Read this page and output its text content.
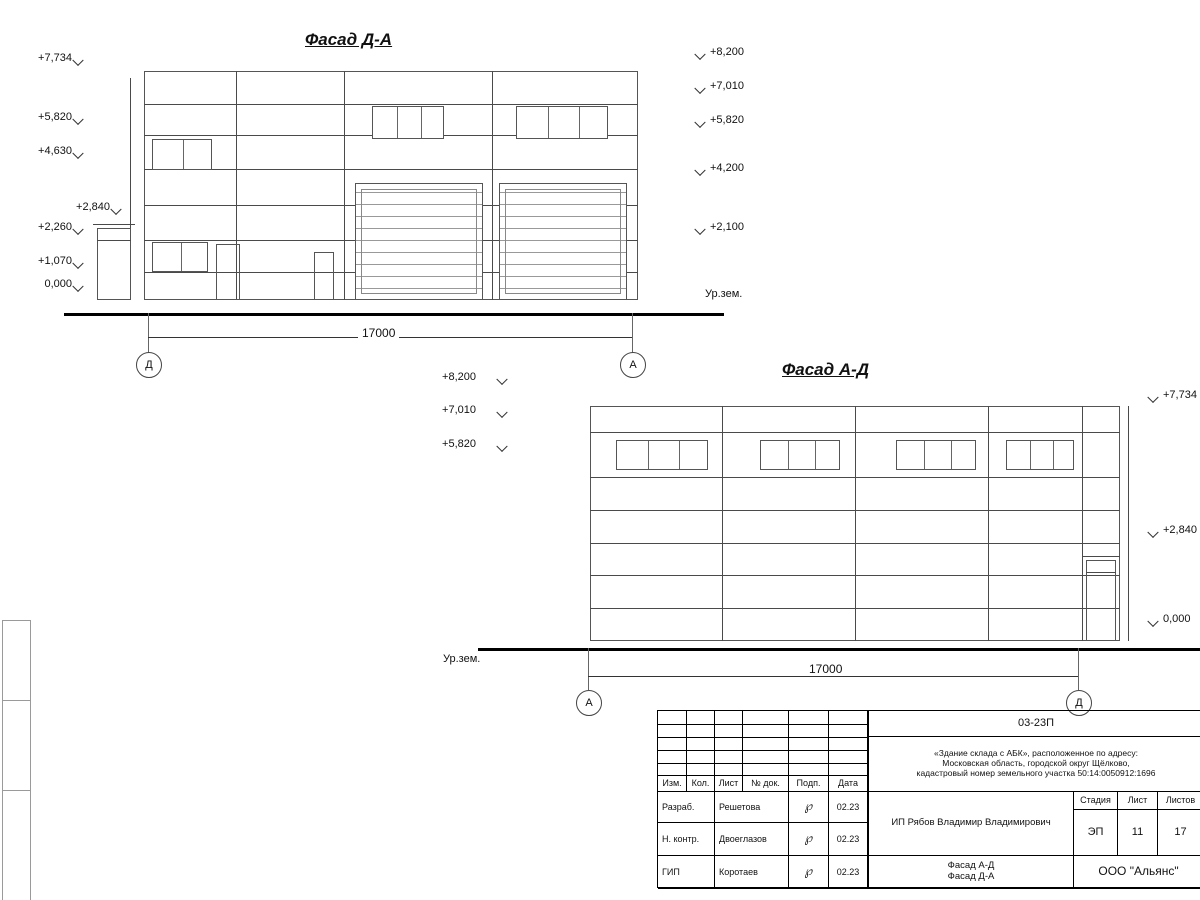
Фасад Д-А
+7,734
+5,820
+4,630
+2,840
+2,260
+1,070
0,000
+8,200
+7,010
+5,820
+4,200
+2,100
Ур.зем.
17000
Д	А	Фасад А-Д
+8,200
+7,010
+5,820
+7,734
+2,840
0,000
Ур.зем.
17000
А	Д
Изм.	Кол.	Лист	№ док.	Подп.	Дата
Разраб.	Решетова	℘	02.23
Н. контр.	Двоеглазов	℘	02.23
ГИП	Коротаев	℘	02.23
03-23П
«Здание склада с АБК», расположенное по адресу:
Московская область, городской округ Щёлково,
кадастровый номер земельного участка 50:14:0050912:1696
ИП Рябов Владимир Владимирович
Фасад А-Д
Фасад Д-А
Стадия	Лист	Листов
ЭП	11	17
ООО "Альянс"
